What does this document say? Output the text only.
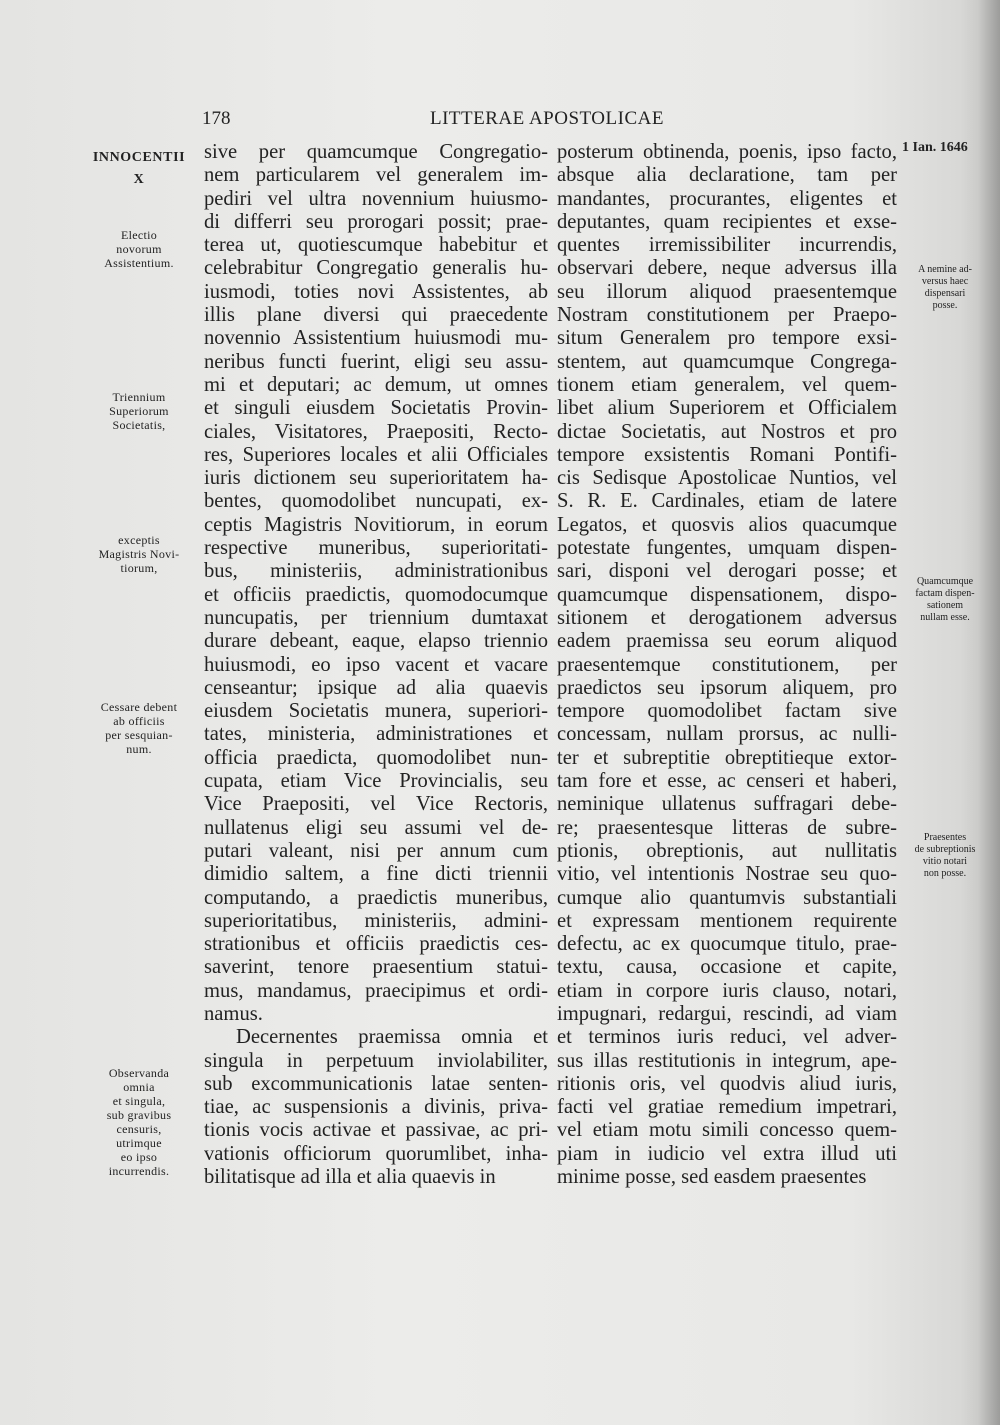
178	LITTERAE APOSTOLICAE
INNOCENTII
X
Electio
novorum
Assistentium.
Triennium
Superiorum
Societatis,
exceptis
Magistris Novi-
tiorum,
Cessare debent
ab officiis
per sesquian-
num.
Observanda
omnia
et singula,
sub gravibus
censuris,
utrimque
eo ipso
incurrendis.
1 Ian. 1646
A nemine ad-
versus haec
dispensari
posse.
Quamcumque
factam dispen-
sationem
nullam esse.
Praesentes
de subreptionis
vitio notari
non posse.
sive per quamcumque Congregatio-
nem particularem vel generalem im-
pediri vel ultra novennium huiusmo-
di differri seu prorogari possit; prae-
terea ut, quotiescumque habebitur et
celebrabitur Congregatio generalis hu-
iusmodi, toties novi Assistentes, ab
illis plane diversi qui praecedente
novennio Assistentium huiusmodi mu-
neribus functi fuerint, eligi seu assu-
mi et deputari; ac demum, ut omnes
et singuli eiusdem Societatis Provin-
ciales, Visitatores, Praepositi, Recto-
res, Superiores locales et alii Officiales
iuris dictionem seu superioritatem ha-
bentes, quomodolibet nuncupati, ex-
ceptis Magistris Novitiorum, in eorum
respective muneribus, superioritati-
bus, ministeriis, administrationibus
et officiis praedictis, quomodocumque
nuncupatis, per triennium dumtaxat
durare debeant, eaque, elapso triennio
huiusmodi, eo ipso vacent et vacare
censeantur; ipsique ad alia quaevis
eiusdem Societatis munera, superiori-
tates, ministeria, administrationes et
officia praedicta, quomodolibet nun-
cupata, etiam Vice Provincialis, seu
Vice Praepositi, vel Vice Rectoris,
nullatenus eligi seu assumi vel de-
putari valeant, nisi per annum cum
dimidio saltem, a fine dicti triennii
computando, a praedictis muneribus,
superioritatibus, ministeriis, admini-
strationibus et officiis praedictis ces-
saverint, tenore praesentium statui-
mus, mandamus, praecipimus et ordi-
namus.
Decernentes praemissa omnia et
singula in perpetuum inviolabiliter,
sub excommunicationis latae senten-
tiae, ac suspensionis a divinis, priva-
tionis vocis activae et passivae, ac pri-
vationis officiorum quorumlibet, inha-
bilitatisque ad illa et alia quaevis in
posterum obtinenda, poenis, ipso facto,
absque alia declaratione, tam per
mandantes, procurantes, eligentes et
deputantes, quam recipientes et exse-
quentes irremissibiliter incurrendis,
observari debere, neque adversus illa
seu illorum aliquod praesentemque
Nostram constitutionem per Praepo-
situm Generalem pro tempore exsi-
stentem, aut quamcumque Congrega-
tionem etiam generalem, vel quem-
libet alium Superiorem et Officialem
dictae Societatis, aut Nostros et pro
tempore exsistentis Romani Pontifi-
cis Sedisque Apostolicae Nuntios, vel
S. R. E. Cardinales, etiam de latere
Legatos, et quosvis alios quacumque
potestate fungentes, umquam dispen-
sari, disponi vel derogari posse; et
quamcumque dispensationem, dispo-
sitionem et derogationem adversus
eadem praemissa seu eorum aliquod
praesentemque constitutionem, per
praedictos seu ipsorum aliquem, pro
tempore quomodolibet factam sive
concessam, nullam prorsus, ac nulli-
ter et subreptitie obreptitieque extor-
tam fore et esse, ac censeri et haberi,
neminique ullatenus suffragari debe-
re; praesentesque litteras de subre-
ptionis, obreptionis, aut nullitatis
vitio, vel intentionis Nostrae seu quo-
cumque alio quantumvis substantiali
et expressam mentionem requirente
defectu, ac ex quocumque titulo, prae-
textu, causa, occasione et capite,
etiam in corpore iuris clauso, notari,
impugnari, redargui, rescindi, ad viam
et terminos iuris reduci, vel adver-
sus illas restitutionis in integrum, ape-
ritionis oris, vel quodvis aliud iuris,
facti vel gratiae remedium impetrari,
vel etiam motu simili concesso quem-
piam in iudicio vel extra illud uti
minime posse, sed easdem praesentes
